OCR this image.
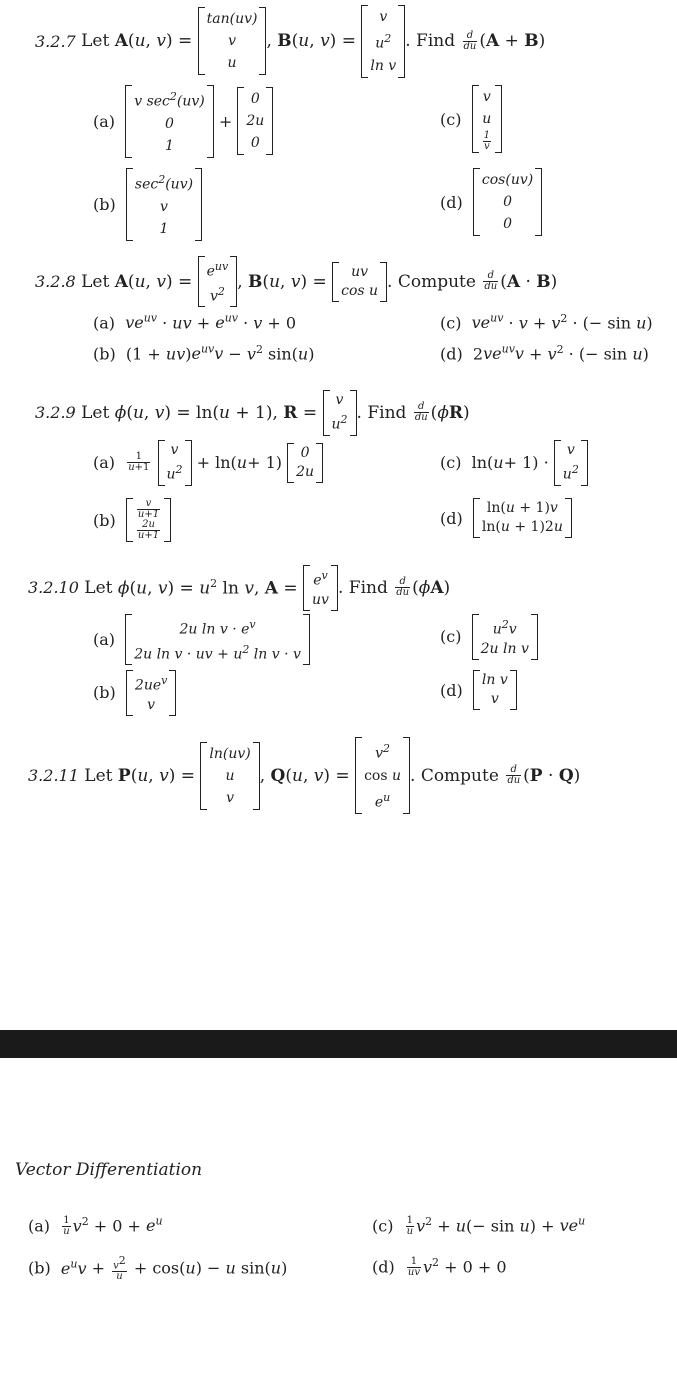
3.2.7
Let
A(u, v) =

tan(uv)
v
u
, B(u, v) =

v
$u^2$
ln v
. Find
$\frac{d}{du} (A + B)$
(a)

v $\sec^2(uv)$
0
1
+
0
2u
0
(c)

v
u
$\frac{1}{v}$
(b)

$\sec^2(uv)$
v
1
(d)

cos(uv)
0
0
3.2.8
Let
A(u, v) =
$e^{uv}$
$v^2$ , B(u, v) =
	uv
cos u . Compute
$\frac{d}{du} (A \cdot B)$
(a) $ve^{uv}$ · uv + $e^{uv} \cdot v + 0$	(c) $ve^{uv} \cdot v + v^2$ · (− sin u)
(b)  $(1 + uv)e^{uv}v - v^2$ sin(u)	(d)  $2ve^{uv}v + v^2$ · (− sin u)
3.2.9
Let
ϕ(u, v) = ln(u + 1), R =

v
$u^2$ . Find
$\frac{d}{du} (\phi R)$
(a)
$\frac{1}{u+1}$

v
$u^2 + \ln$( u + 1)
0
2u	(c) ln( u + 1) ·
v
$u^2$
(b)
$\frac{v}{u+1}$
$\frac{2u}{u+1}$
(d)

ln(u + 1)v
ln(u + 1)2u
3.2.10
Let
ϕ(u, $v) = u^2$ ln v, A =
$e^v$
uv
. Find
$\frac{d}{du} (\phi A)$
(a)

2u $\ln v \cdot e^v$
2u ln v · uv + $u^2$ ln v · v
(c)
	$u^2v$
2u ln v
(b)
$2ue^v$
v
(d)

ln v
v
3.2.11
Let
P(u, v) =

ln(uv)
u
v
, Q(u, v) =

$v^2$
cos u
$e^u$
. Compute
$\frac{d}{du} (P \cdot Q)$
Vector Differentiation
$(a) \frac{1}{u} v^2 + 0 + e^u$	$(c) \frac{1}{u} v^2 + u(- \sin u) + ve^u$
(b) $e^uv + \frac{v^2}{u} + \cos(u) - u$ sin(u)	$(d) \frac{1}{uv} v^2 + 0 + 0$
